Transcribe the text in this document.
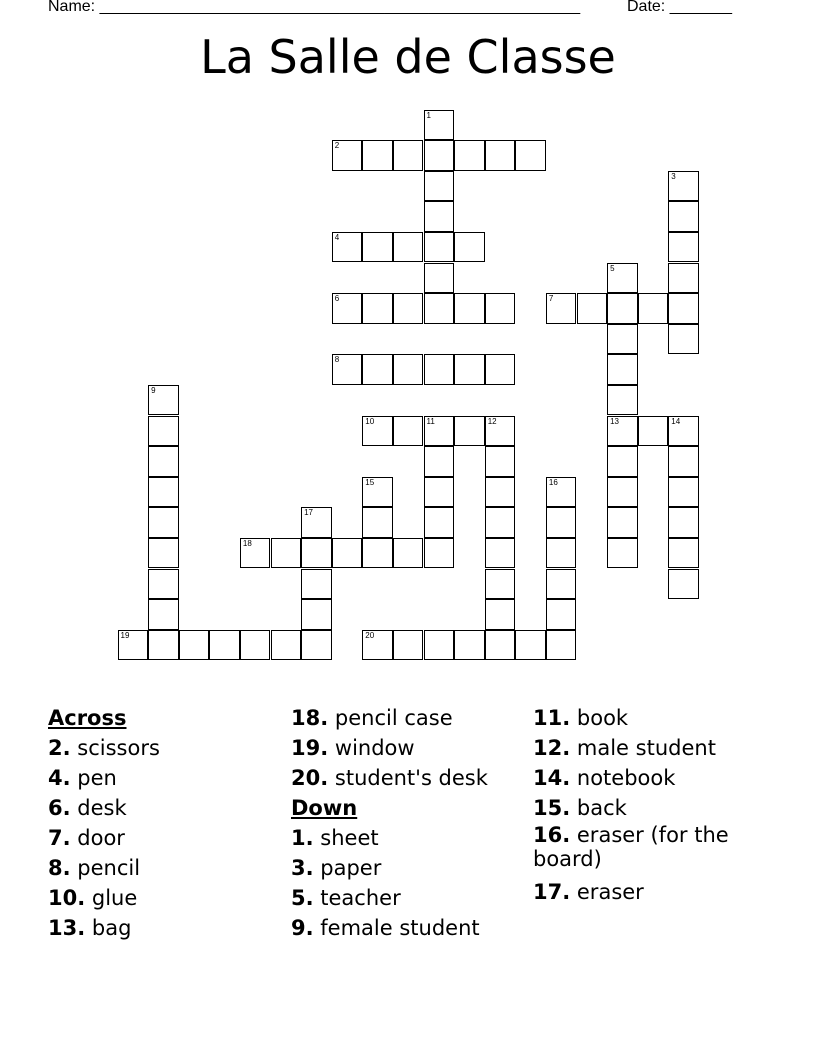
Name: ______________________________________________________	Date: _______
La Salle de Classe
1
2
3
4
5
13
6	7
8
9
10	11	12	14
15	16
17
18
19	20
Across
2. scissors
4. pen
6. desk
7. door
8. pencil
10. glue
13. bag
18. pencil case
19. window
20. student's desk
Down
1. sheet
3. paper
5. teacher
9. female student
11. book
12. male student
14. notebook
15. back
16. eraser (for the board)
17. eraser
